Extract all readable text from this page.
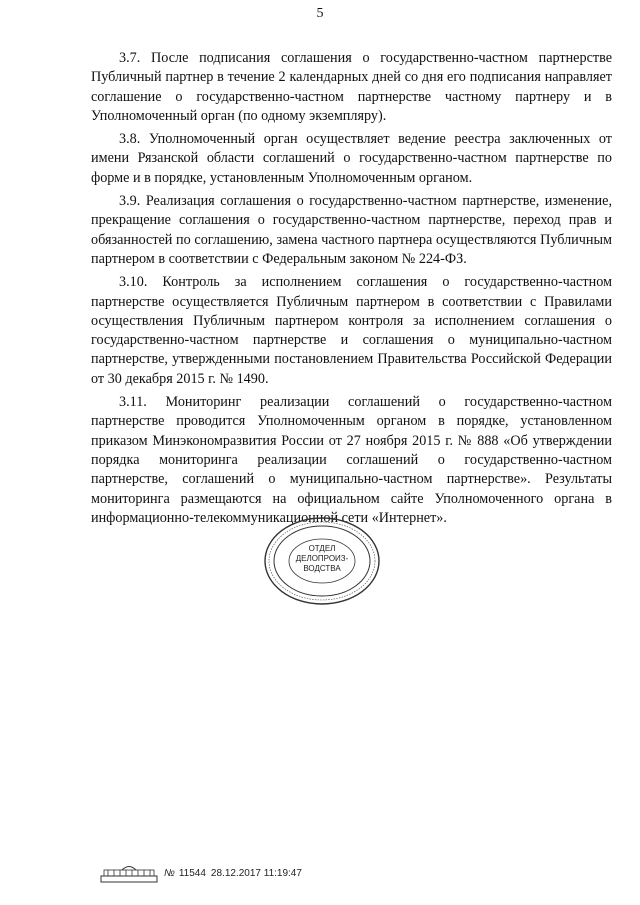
5

3.7. После подписания соглашения о государственно-частном партнерстве Публичный партнер в течение 2 календарных дней со дня его подписания направляет соглашение о государственно-частном партнерстве частному партнеру и в Уполномоченный орган (по одному экземпляру).

3.8. Уполномоченный орган осуществляет ведение реестра заключенных от имени Рязанской области соглашений о государственно-частном партнерстве по форме и в порядке, установленным Уполномоченным органом.

3.9. Реализация соглашения о государственно-частном партнерстве, изменение, прекращение соглашения о государственно-частном партнерстве, переход прав и обязанностей по соглашению, замена частного партнера осуществляются Публичным партнером в соответствии с Федеральным законом № 224-ФЗ.

3.10. Контроль за исполнением соглашения о государственно-частном партнерстве осуществляется Публичным партнером в соответствии с Правилами осуществления Публичным партнером контроля за исполнением соглашения о государственно-частном партнерстве и соглашения о муниципально-частном партнерстве, утвержденными постановлением Правительства Российской Федерации от 30 декабря 2015 г. № 1490.

3.11. Мониторинг реализации соглашений о государственно-частном партнерстве проводится Уполномоченным органом в порядке, установленном приказом Минэкономразвития России от 27 ноября 2015 г. № 888 «Об утверждении порядка мониторинга реализации соглашений о государственно-частном партнерстве, соглашений о муниципально-частном партнерстве». Результаты мониторинга размещаются на официальном сайте Уполномоченного органа в информационно-телекоммуникационной сети «Интернет».

ОТДЕЛ
ДЕЛОПРОИЗ-
ВОДСТВА
№ 11544 28.12.2017 11:19:47
